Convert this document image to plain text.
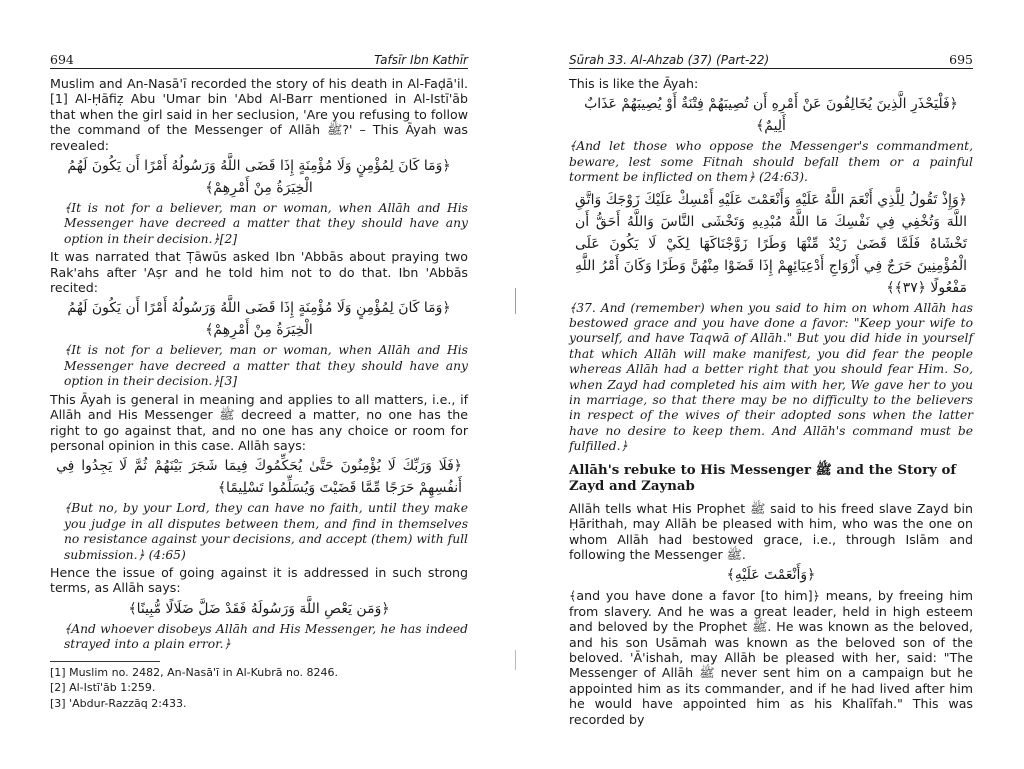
694	Tafsīr Ibn Kathīr

Muslim and An-Nasā'ī recorded the story of his death in Al-Faḍā'il.[1] Al-Ḥāfiẓ Abu 'Umar bin 'Abd Al-Barr mentioned in Al-Istī'āb that when the girl said in her seclusion, 'Are you refusing to follow the command of the Messenger of Allāh ﷺ?' – This Āyah was revealed:

﴿وَمَا كَانَ لِمُؤْمِنٍ وَلَا مُؤْمِنَةٍ إِذَا قَضَى اللَّهُ وَرَسُولُهُ أَمْرًا أَن يَكُونَ لَهُمُ الْخِيَرَةُ مِنْ أَمْرِهِمْ﴾

﴾It is not for a believer, man or woman, when Allāh and His Messenger have decreed a matter that they should have any option in their decision.﴿[2]

It was narrated that Ṭāwūs asked Ibn 'Abbās about praying two Rak'ahs after 'Aṣr and he told him not to do that. Ibn 'Abbās recited:

﴿وَمَا كَانَ لِمُؤْمِنٍ وَلَا مُؤْمِنَةٍ إِذَا قَضَى اللَّهُ وَرَسُولُهُ أَمْرًا أَن يَكُونَ لَهُمُ الْخِيَرَةُ مِنْ أَمْرِهِمْ﴾

﴾It is not for a believer, man or woman, when Allāh and His Messenger have decreed a matter that they should have any option in their decision.﴿[3]

This Āyah is general in meaning and applies to all matters, i.e., if Allāh and His Messenger ﷺ decreed a matter, no one has the right to go against that, and no one has any choice or room for personal opinion in this case. Allāh says:

﴿فَلَا وَرَبِّكَ لَا يُؤْمِنُونَ حَتَّىٰ يُحَكِّمُوكَ فِيمَا شَجَرَ بَيْنَهُمْ ثُمَّ لَا يَجِدُوا فِي أَنفُسِهِمْ حَرَجًا مِّمَّا قَضَيْتَ وَيُسَلِّمُوا تَسْلِيمًا﴾

﴾But no, by your Lord, they can have no faith, until they make you judge in all disputes between them, and find in themselves no resistance against your decisions, and accept (them) with full submission.﴿ (4:65)

Hence the issue of going against it is addressed in such strong terms, as Allāh says:

﴿وَمَن يَعْصِ اللَّهَ وَرَسُولَهُ فَقَدْ ضَلَّ ضَلَالًا مُّبِينًا﴾

﴾And whoever disobeys Allāh and His Messenger, he has indeed strayed into a plain error.﴿

[1] Muslim no. 2482, An-Nasā'ī in Al-Kubrā no. 8246.
[2] Al-Istī'āb 1:259.
[3] 'Abdur-Razzāq 2:433.
Sūrah 33. Al-Ahzab (37) (Part-22)	695

This is like the Āyah:

﴿فَلْيَحْذَرِ الَّذِينَ يُخَالِفُونَ عَنْ أَمْرِهِ أَن تُصِيبَهُمْ فِتْنَةٌ أَوْ يُصِيبَهُمْ عَذَابٌ أَلِيمٌ﴾

﴾And let those who oppose the Messenger's commandment, beware, lest some Fitnah should befall them or a painful torment be inflicted on them﴿ (24:63).

﴿وَإِذْ تَقُولُ لِلَّذِي أَنْعَمَ اللَّهُ عَلَيْهِ وَأَنْعَمْتَ عَلَيْهِ أَمْسِكْ عَلَيْكَ زَوْجَكَ وَاتَّقِ اللَّهَ وَتُخْفِي فِي نَفْسِكَ مَا اللَّهُ مُبْدِيهِ وَتَخْشَى النَّاسَ وَاللَّهُ أَحَقُّ أَن تَخْشَاهُ فَلَمَّا قَضَىٰ زَيْدٌ مِّنْهَا وَطَرًا زَوَّجْنَاكَهَا لِكَيْ لَا يَكُونَ عَلَى الْمُؤْمِنِينَ حَرَجٌ فِي أَزْوَاجِ أَدْعِيَائِهِمْ إِذَا قَضَوْا مِنْهُنَّ وَطَرًا وَكَانَ أَمْرُ اللَّهِ مَفْعُولًا ﴿٣٧﴾﴾

﴾37. And (remember) when you said to him on whom Allāh has bestowed grace and you have done a favor: "Keep your wife to yourself, and have Taqwā of Allāh." But you did hide in yourself that which Allāh will make manifest, you did fear the people whereas Allāh had a better right that you should fear Him. So, when Zayd had completed his aim with her, We gave her to you in marriage, so that there may be no difficulty to the believers in respect of the wives of their adopted sons when the latter have no desire to keep them. And Allāh's command must be fulfilled.﴿

Allāh's rebuke to His Messenger ﷺ and the Story of Zayd and Zaynab

Allāh tells what His Prophet ﷺ said to his freed slave Zayd bin Ḥārithah, may Allāh be pleased with him, who was the one on whom Allāh had bestowed grace, i.e., through Islām and following the Messenger ﷺ.

﴿وَأَنْعَمْتَ عَلَيْهِ﴾

﴾and you have done a favor [to him]﴿ means, by freeing him from slavery. And he was a great leader, held in high esteem and beloved by the Prophet ﷺ. He was known as the beloved, and his son Usāmah was known as the beloved son of the beloved. 'Ā'ishah, may Allāh be pleased with her, said: "The Messenger of Allāh ﷺ never sent him on a campaign but he appointed him as its commander, and if he had lived after him he would have appointed him as his Khalīfah." This was recorded by
